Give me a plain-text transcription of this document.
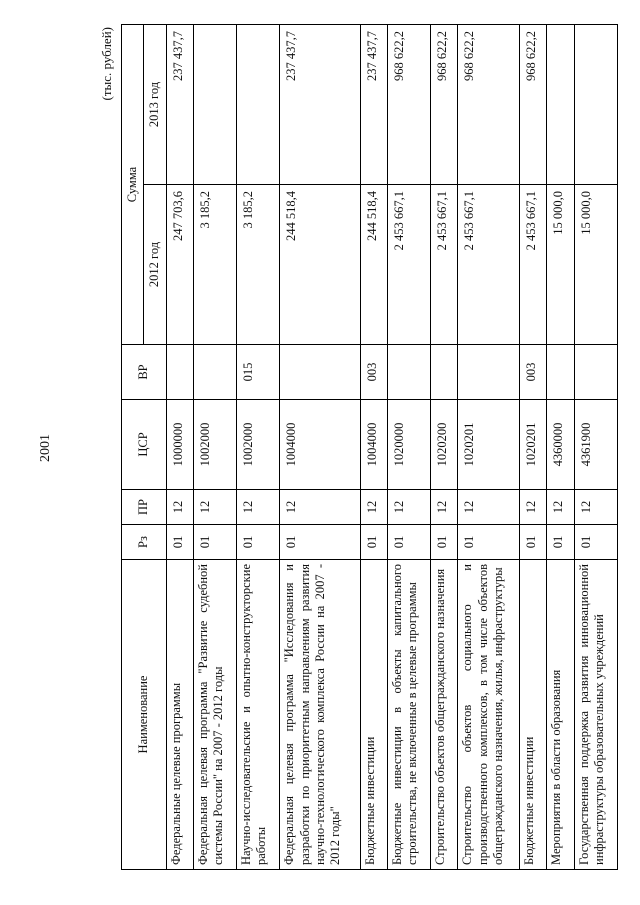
2001
(тыс. рублей)
Наименование	Рз	ПР	ЦСР	ВР	Сумма	
					2012 год	2013 год
Федеральные целевые программы	01	12	1000000		247 703,6	237 437,7
Федеральная целевая программа "Развитие судебной системы России" на 2007 - 2012 годы	01	12	1002000		3 185,2	
Научно-исследовательские и опытно-конструкторские работы	01	12	1002000	015	3 185,2	
Федеральная целевая программа "Исследования и разработки по приоритетным направлениям развития научно-технологического комплекса России на 2007 - 2012 годы"	01	12	1004000		244 518,4	237 437,7
Бюджетные инвестиции	01	12	1004000	003	244 518,4	237 437,7
Бюджетные инвестиции в объекты капитального строительства, не включенные в целевые программы	01	12	1020000		2 453 667,1	968 622,2
Строительство объектов общегражданского назначения	01	12	1020200		2 453 667,1	968 622,2
Строительство объектов социального и производственного комплексов, в том числе объектов общегражданского назначения, жилья, инфраструктуры	01	12	1020201		2 453 667,1	968 622,2
Бюджетные инвестиции	01	12	1020201	003	2 453 667,1	968 622,2
Мероприятия в области образования	01	12	4360000		15 000,0	
Государственная поддержка развития инновационной инфраструктуры образовательных учреждений	01	12	4361900		15 000,0	
